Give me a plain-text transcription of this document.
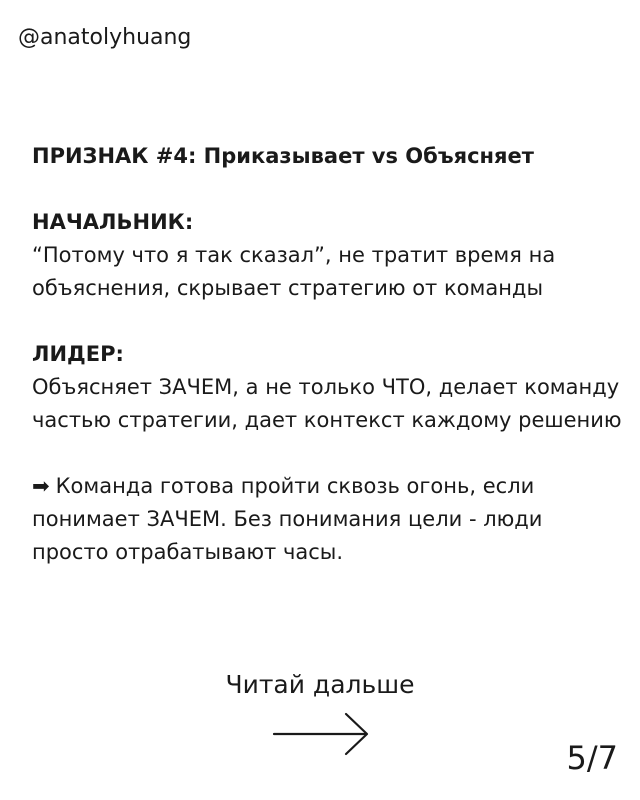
@anatolyhuang

ПРИЗНАК #4: Приказывает vs Объясняет

НАЧАЛЬНИК:
“Потому что я так сказал”, не тратит время на объяснения, скрывает стратегию от команды
ЛИДЕР:
Объясняет ЗАЧЕМ, а не только ЧТО, делает команду частью стратегии, дает контекст каждому решению
➡ Команда готова пройти сквозь огонь, если понимает ЗАЧЕМ. Без понимания цели - люди просто отрабатывают часы.
Читай дальше
5/7
